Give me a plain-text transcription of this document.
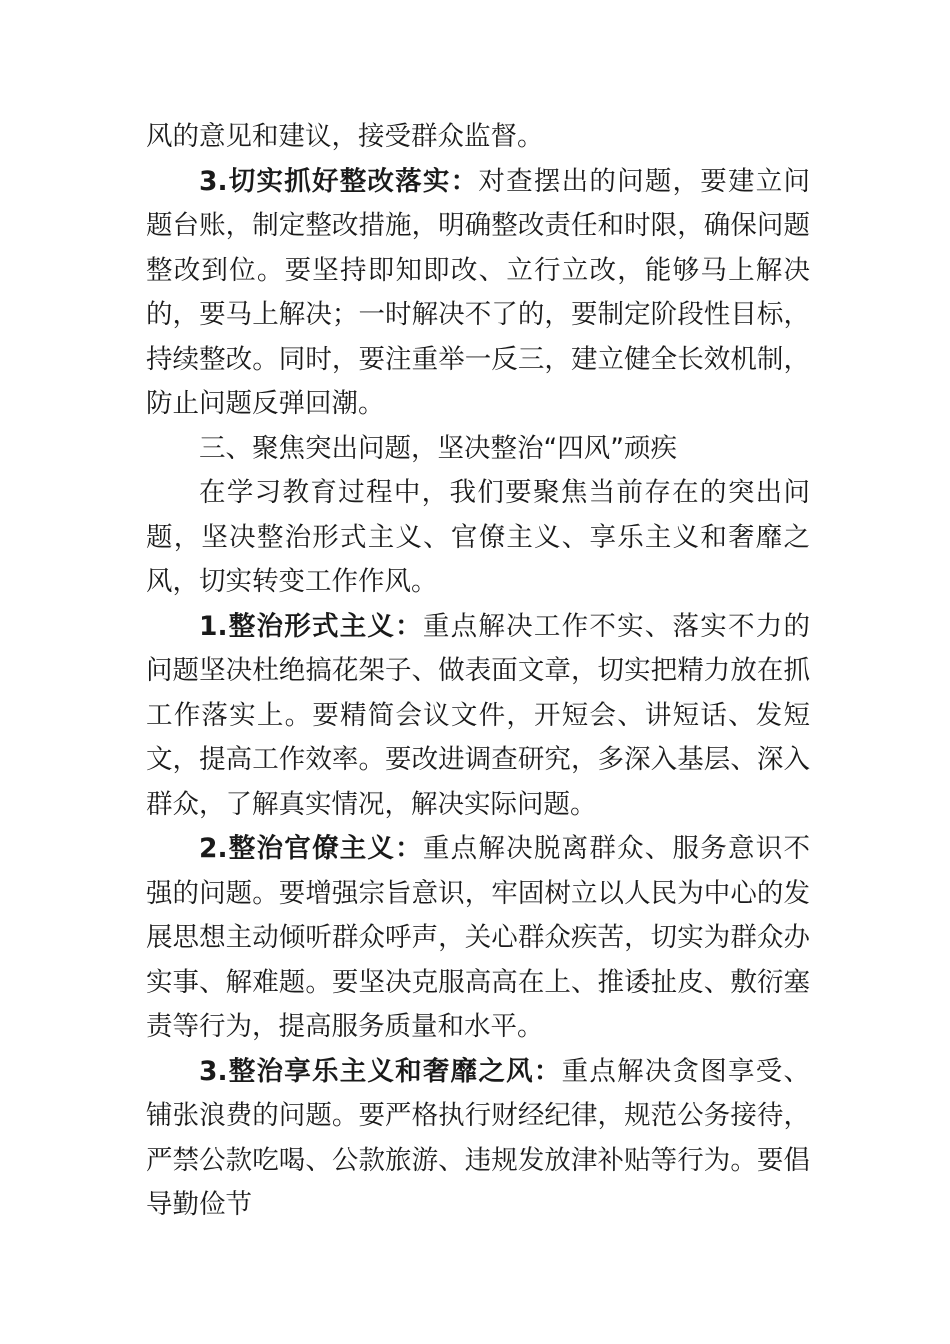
风的意见和建议，接受群众监督。

3.切实抓好整改落实：对查摆出的问题，要建立问题台账，制定整改措施，明确整改责任和时限，确保问题整改到位。要坚持即知即改、立行立改，能够马上解决的，要马上解决；一时解决不了的，要制定阶段性目标，持续整改。同时，要注重举一反三，建立健全长效机制，防止问题反弹回潮。

三、聚焦突出问题，坚决整治“四风”顽疾

在学习教育过程中，我们要聚焦当前存在的突出问题，坚决整治形式主义、官僚主义、享乐主义和奢靡之风，切实转变工作作风。

1.整治形式主义：重点解决工作不实、落实不力的问题坚决杜绝搞花架子、做表面文章，切实把精力放在抓工作落实上。要精简会议文件，开短会、讲短话、发短文，提高工作效率。要改进调查研究，多深入基层、深入群众，了解真实情况，解决实际问题。

2.整治官僚主义：重点解决脱离群众、服务意识不强的问题。要增强宗旨意识，牢固树立以人民为中心的发展思想主动倾听群众呼声，关心群众疾苦，切实为群众办实事、解难题。要坚决克服高高在上、推诿扯皮、敷衍塞责等行为，提高服务质量和水平。

3.整治享乐主义和奢靡之风：重点解决贪图享受、铺张浪费的问题。要严格执行财经纪律，规范公务接待，严禁公款吃喝、公款旅游、违规发放津补贴等行为。要倡导勤俭节
